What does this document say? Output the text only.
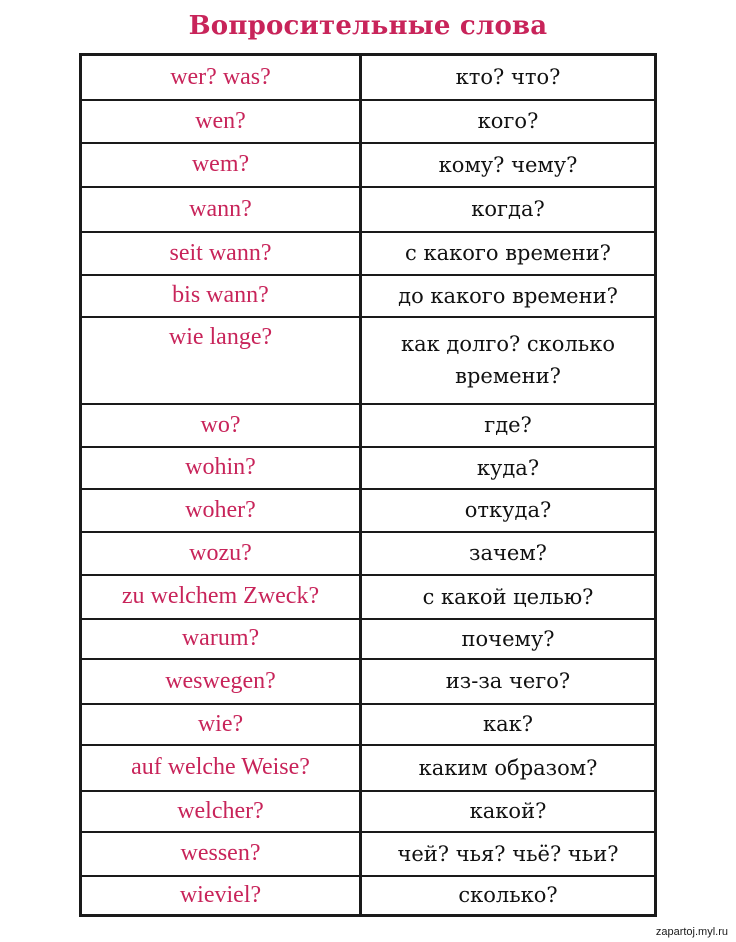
Вопросительные слова
wer? was?	кто? что?
wen?	кого?
wem?	кому? чему?
wann?	когда?
seit wann?	с какого времени?
bis wann?	до какого времени?
wie lange?	как долго? сколько времени?
wo?	где?
wohin?	куда?
woher?	откуда?
wozu?	зачем?
zu welchem Zweck?	с какой целью?
warum?	почему?
weswegen?	из-за чего?
wie?	как?
auf welche Weise?	каким образом?
welcher?	какой?
wessen?	чей? чья? чьё? чьи?
wieviel?	сколько?
zapartoj.myl.ru
